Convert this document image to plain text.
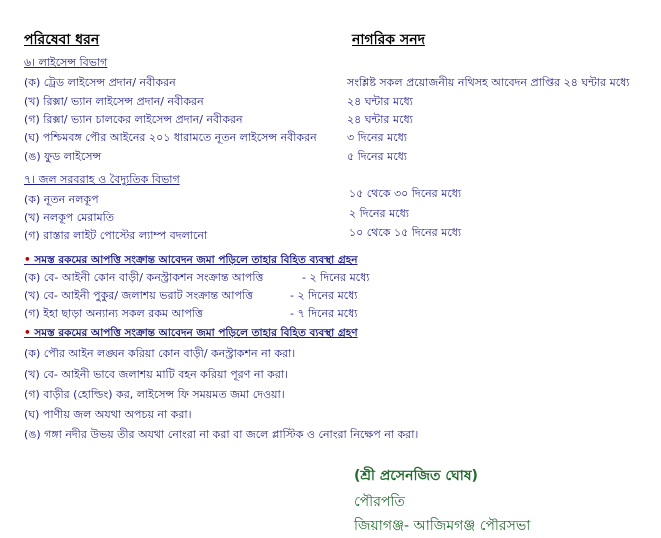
পরিষেবা ধরন	নাগরিক সনদ
৬। লাইসেন্স বিভাগ
(ক) ট্রেড লাইসেন্স প্রদান/ নবীকরন	সংশ্লিষ্ট সকল প্রয়োজনীয় নথিসহ আবেদন প্রাপ্তির ২৪ ঘন্টার মধ্যে
(খ) রিক্সা/ ভ্যান লাইসেন্স প্রদান/ নবীকরন	২৪ ঘন্টার মধ্যে
(গ) রিক্সা/ ভ্যান চালকের লাইসেন্স প্রদান/ নবীকরন	২৪ ঘন্টার মধ্যে
(ঘ) পশ্চিমবঙ্গ পৌর আইনের ২০১ ধারামতে নূতন লাইসেন্স নবীকরন	৩ দিনের মধ্যে
(ঙ) ফুড লাইসেন্স	৫ দিনের মধ্যে
৭। জল সরবরাহ ও বৈদ্যুতিক বিভাগ
(ক) নূতন নলকূপ	১৫ থেকে ৩০ দিনের মধ্যে
(খ) নলকূপ মেরামতি	২ দিনের মধ্যে
(গ) রাস্তার লাইট পোস্টের ল্যাম্প বদলানো	১০ থেকে ১৫ দিনের মধ্যে
• সমস্ত রকমের আপত্তি সংক্রান্ত আবেদন জমা পড়িলে তাহার বিহিত ব্যবস্থা গ্রহন
(ক) বে- আইনী কোন বাড়ী/ কনস্ট্রাকশন সংক্রান্ত আপত্তি	- ২ দিনের মধ্যে
(খ) বে- আইনী পুকুর/ জলাশয় ভরাট সংক্রান্ত আপত্তি	- ২ দিনের মধ্যে
(গ) ইহা ছাড়া অন্যান্য সকল রকম আপত্তি	- ৭ দিনের মধ্যে
• সমস্ত রকমের আপত্তি সংক্রান্ত আবেদন জমা পড়িলে তাহার বিহিত ব্যবস্থা গ্রহণ
(ক) পৌর আইন লঙ্ঘন করিয়া কোন বাড়ী/ কনস্ট্রাকশন না করা।
(খ) বে- আইনী ভাবে জলাশয় মাটি বহন করিয়া পূরণ না করা।
(গ) বাড়ীর (হোল্ডিং) কর, লাইসেন্স ফি সময়মত জমা দেওয়া।
(ঘ) পাণীয় জল অযথা অপচয় না করা।
(ঙ) গঙ্গা নদীর উভয় তীর অযথা নোংরা না করা বা জলে প্লাস্টিক ও নোংরা নিক্ষেপ না করা।
(শ্রী প্রসেনজিত ঘোষ)
পৌরপতি
জিয়াগঞ্জ- আজিমগঞ্জ পৌরসভা
